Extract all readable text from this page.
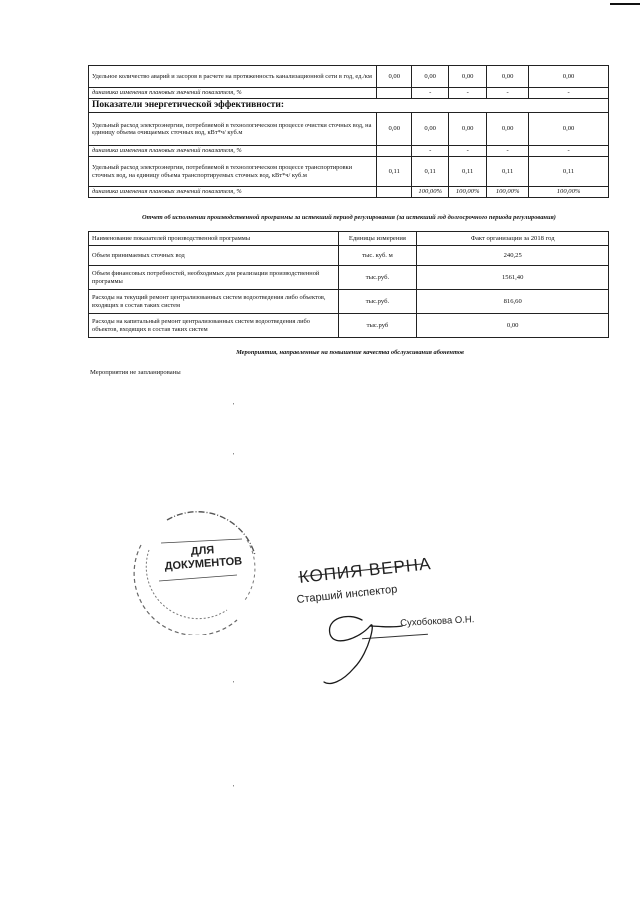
Удельное количество аварий и засоров в расчете на протяженность канализационной сети в год, ед./км	0,00	0,00	0,00	0,00	0,00
динамика изменения плановых значений показателя, %		-	-	-	-
Показатели энергетической эффективности:					
Удельный расход электроэнергии, потребляемой в технологическом процессе очистки сточных вод, на единицу объема очищаемых сточных вод, кВт*ч/ куб.м	0,00	0,00	0,00	0,00	0,00
динамика изменения плановых значений показателя, %		-	-	-	-
Удельный расход электроэнергии, потребляемой в технологическом процессе транспортировки сточных вод, на единицу объема транспортируемых сточных вод, кВт*ч/ куб.м	0,11	0,11	0,11	0,11	0,11
динамика изменения плановых значений показателя, %		100,00%	100,00%	100,00%	100,00%
Отчет об исполнении производственной программы за истекший период регулирования (за истекший год долгосрочного периода регулирования)
Наименование показателей производственной программы	Единицы измерения	Факт организации за 2018 год
Объем принимаемых сточных вод	тыс. куб. м	240,25
Объем финансовых потребностей, необходимых для реализации производственной программы	тыс.руб.	1561,40
Расходы на текущий ремонт централизованных систем водоотведения либо объектов, входящих в состав таких систем	тыс.руб.	816,60
Расходы на капитальный ремонт централизованных систем водоотведения либо объектов, входящих в состав таких систем	тыс.руб	0,00
Мероприятия, направленные на повышение качества обслуживания абонентов
Мероприятия не запланированы
'
'
'
'
ДЛЯ
ДОКУМЕНТОВ	КОПИЯ ВЕРНА
Старший инспектор
Сухобокова О.Н.
